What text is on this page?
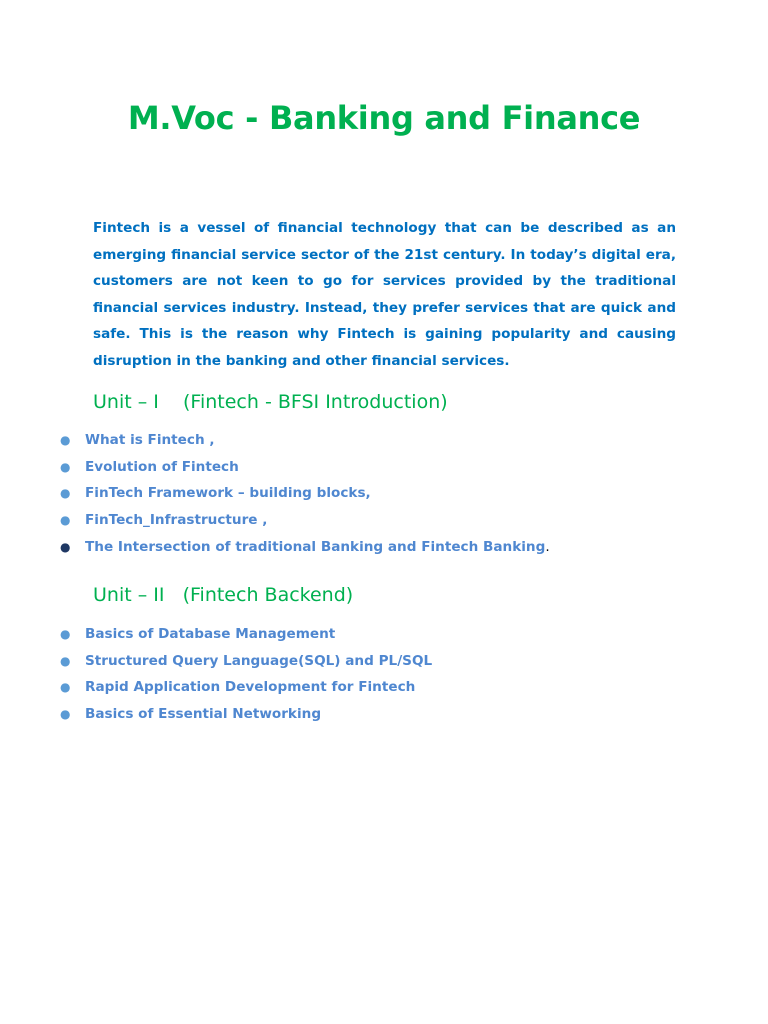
M.Voc - Banking and Finance

Fintech is a vessel of financial technology that can be described as an emerging financial service sector of the 21st century. In today’s digital era, customers are not keen to go for services provided by the traditional financial services industry. Instead, they prefer services that are quick and safe. This is the reason why Fintech is gaining popularity and causing disruption in the banking and other financial services.

Unit – I    (Fintech - BFSI Introduction)
● What is Fintech ,
● Evolution of Fintech
● FinTech Framework – building blocks,
● FinTech_Infrastructure ,
● The Intersection of traditional Banking and Fintech Banking.
Unit – II   (Fintech Backend)
● Basics of Database Management
● Structured Query Language(SQL) and PL/SQL
● Rapid Application Development for Fintech
● Basics of Essential Networking
